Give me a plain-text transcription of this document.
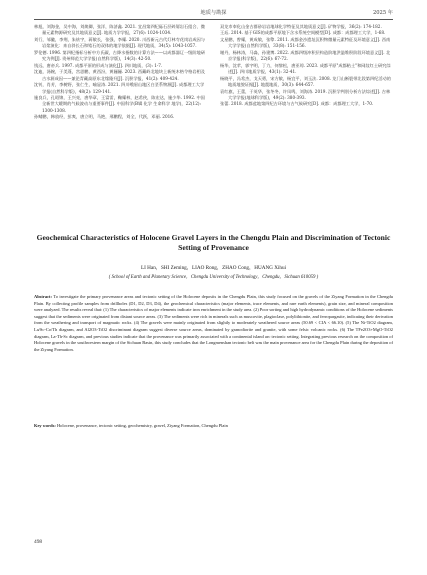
地质与勘探	2025 年

林旭，刘海金，吴中海，刘焕卿，张洋，陈济鑫. 2021. 宜昌第四纪砾石层碎屑岩石组合、微量元素物源研究及其地质意义[J]. 地质力学学报，27(6): 1024-1034.

刘行，邹徽，李荆，朱炫宇，蒋敏长，张强，李耀. 2020. 川西新元古代灯林寺花岗岩成因与岩浆演化：来自斜长石和锆石的双体的地学依据[J]. 现代地质，34(5): 1043-1057.

罗伦德. 1996. 第四纪指标分析中方氏碳，古降水指数的计算方法——以成都器辽一级阶地研究为例[J]. 贵州师范大学学报(自然科学版)，14(3): 42-50.

钱远，唐帝兵. 1997. 成都平原的形成与演化[J]. 四川地质，(3): 1-7.

沈迪，汤婉，于美蓬，宫思鹏，黄西汾，黄骊骊. 2023. 西藏岭北地块上新统木格令格岩相及古水源成因——兼论青藏高原东北缘隆升[J]. 沉积学报，41(2): 409-424.

沈钊，肖芳，李树野，张仁生，喻显涛. 2021. 四川峨眉山地区白垩系物源[J]. 成都理工大学学报(自然科学版)，48(2): 129-141.

施良兵，孔昭锦，王兴亮，唐华章，王富雷，鞠耀林，赵希侠，陈宏达，施少华. 1992. 中国全新世大暖期的气候波动与重要事件[J]. 中国科学(B辑 化学 生命科学 地学)，22(12): 1300-1308.

孙鲭鹏，韩放经，彭爽，唐立明，马艳，邢鹏程，刘全，代跃，邓丽. 2016.

双龙市奉化山金古群砂岩岩地球化学特征及其地质意义[J]. 矿物学报，36(2): 174-182.

王珏. 2014. 基于GIS的成都平原地下含水系统空间模型[D]. 成都：成都理工大学，1-68.

文星鹏，曾耀，黄成敏，张擎. 2011. 成都金沙遗址沉积物微量元素特征及环境意义[J]. 西南大学学报(自然科学版)，33(8): 151-156.

谢丹，杨林涛，马淼，孙建博. 2022. 成都四级冲积层构造阶地洪溢堆积阶段环境意义[J]. 北京学报(科学版)，22(6): 67-72.

杨华，沈苹，郭宇明，丁力，何黎松，唐亚琼. 2023. 成都平原"成都粘土"和网纹红土研究综述[J]. 四川地质学报，43(1): 32-41.

杨晓平，冯希杰，戈天勇，宋方敏，杨宜平，刘玉法. 2008. 龙门山断裂带北段第四纪活动的地质地貌证据[J]. 地震地质，30(3): 644-657.

袁红旗，王蕾，于英华，张冬冬，许凤鸣，刘海涛. 2019. 沉积学判别分析方法综述[J]. 吉林大学学报(地球科学版)，49(2): 380-393.

张蕾. 2018. 成都盆地第四纪古环境与古气候研究[D]. 成都：成都理工大学，1-70.

Geochemical Characteristics of Holocene Gravel Layers in the Chengdu Plain and Discrimination of Tectonic Setting of Provenance
LI Han，SHI Zeming，LIAO Rong，ZHAO Cong，HUANG Xihui
( School of Earth and Planetary Science，Chengdu University of Technology，Chengdu，Sichuan 610059 )
Abstract: To investigate the primary provenance areas and tectonic setting of the Holocene deposits in the Chengdu Plain, this study focused on the gravels of the Ziyang Formation in the Chengdu Plain. By collecting profile samples from drillholes (D1, D2, D3, D4), the geochemical characteristics (major elements, trace elements, and rare earth elements), grain size, and mineral composition were analyzed. The results reveal that: (1) The characteristics of major elements indicate iron enrichment in the study area. (2) Poor sorting and high hydrodynamic conditions of the Holocene sediments suggest that the sediments were originated from distant source areas. (3) The sediments were rich in minerals such as muscovite, plagioclase, polylithionite, and ferropargasite, indicating their derivation from the weathering and transport of magmatic rocks. (4) The gravels were mainly originated from slightly to moderately weathered source areas (50.69 < CIA < 66.10). (5) The Ni-TiO2 diagram, La/Sc-Co/Th diagram, and Al2O3-TiO2 discriminant diagram suggest diverse source areas, dominated by granodiorite and granite, with some felsic volcanic rocks. (6) The TFe2O3+MgO-TiO2 diagram, La-Th-Sc diagram, and previous studies indicate that the provenance was primarily associated with a continental island arc tectonic setting. Integrating previous research on the composition of Holocene gravels in the southwestern margin of the Sichuan Basin, this study concludes that the Longmenshan tectonic belt was the main provenance area for the Chengdu Plain during the deposition of the Ziyang Formation.
Key words: Holocene, provenance, tectonic setting, geochemistry, gravel, Ziyang Formation, Chengdu Plain
498
